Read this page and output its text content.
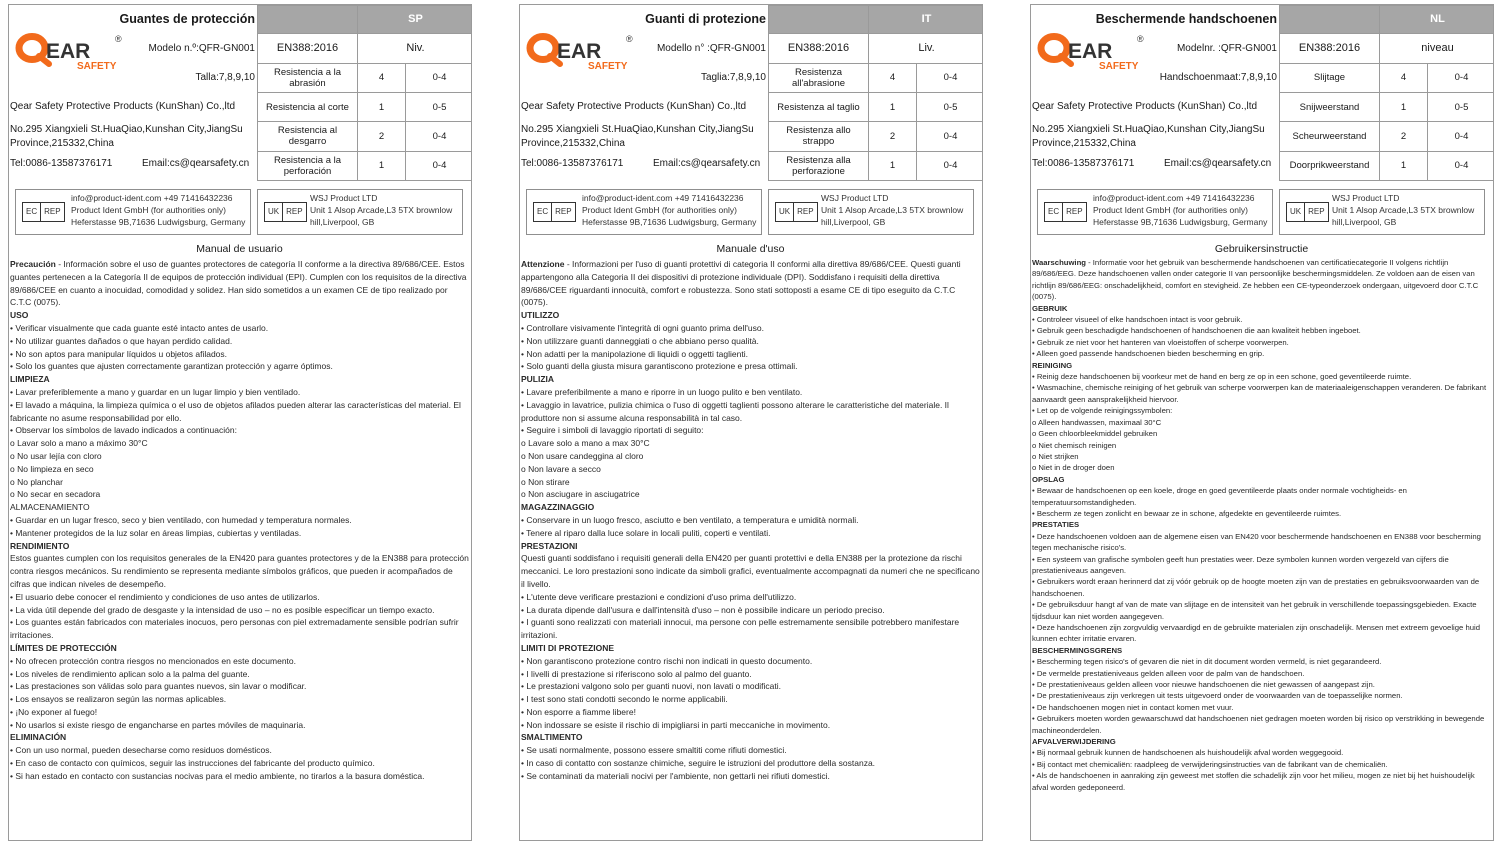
Guantes de protección
EAR
®
SAFETY
Modelo n.º:QFR-GN001
Talla:7,8,9,10
Qear Safety Protective Products (KunShan) Co.,ltd
No.295 Xiangxieli St.HuaQiao,Kunshan City,JiangSu Province,215332,China
Tel:0086-13587376171	Email:cs@qearsafety.cn
	SP	
EN388:2016	Niv.	
Resistencia a la abrasión	4	0-4
Resistencia al corte	1	0-5
Resistencia al desgarro	2	0-4
Resistencia a la perforación	1	0-4
EC REP
info@product-ident.com +49 71416432236
Product Ident GmbH (for authorities only)
Heferstasse 9B,71636 Ludwigsburg, Germany
UK REP
WSJ Product LTD
Unit 1 Alsop Arcade,L3 5TX brownlow
hill,Liverpool, GB
Manual de usuario

Precaución - Información sobre el uso de guantes protectores de categoría II conforme a la directiva 89/686/CEE. Estos guantes pertenecen a la Categoría II de equipos de protección individual (EPI). Cumplen con los requisitos de la directiva 89/686/CEE en cuanto a inocuidad, comodidad y solidez. Han sido sometidos a un examen CE de tipo realizado por C.T.C (0075).

USO

• Verificar visualmente que cada guante esté intacto antes de usarlo.

• No utilizar guantes dañados o que hayan perdido calidad.

• No son aptos para manipular líquidos u objetos afilados.

• Solo los guantes que ajusten correctamente garantizan protección y agarre óptimos.

LIMPIEZA

• Lavar preferiblemente a mano y guardar en un lugar limpio y bien ventilado.

• El lavado a máquina, la limpieza química o el uso de objetos afilados pueden alterar las características del material. El fabricante no asume responsabilidad por ello.

• Observar los símbolos de lavado indicados a continuación:

o Lavar solo a mano a máximo 30°C

o No usar lejía con cloro

o No limpieza en seco

o No planchar

o No secar en secadora

ALMACENAMIENTO

• Guardar en un lugar fresco, seco y bien ventilado, con humedad y temperatura normales.

• Mantener protegidos de la luz solar en áreas limpias, cubiertas y ventiladas.

RENDIMIENTO

Estos guantes cumplen con los requisitos generales de la EN420 para guantes protectores y de la EN388 para protección contra riesgos mecánicos. Su rendimiento se representa mediante símbolos gráficos, que pueden ir acompañados de cifras que indican niveles de desempeño.

• El usuario debe conocer el rendimiento y condiciones de uso antes de utilizarlos.

• La vida útil depende del grado de desgaste y la intensidad de uso – no es posible especificar un tiempo exacto.

• Los guantes están fabricados con materiales inocuos, pero personas con piel extremadamente sensible podrían sufrir irritaciones.

LÍMITES DE PROTECCIÓN

• No ofrecen protección contra riesgos no mencionados en este documento.

• Los niveles de rendimiento aplican solo a la palma del guante.

• Las prestaciones son válidas solo para guantes nuevos, sin lavar o modificar.

• Los ensayos se realizaron según las normas aplicables.

• ¡No exponer al fuego!

• No usarlos si existe riesgo de engancharse en partes móviles de maquinaria.

ELIMINACIÓN

• Con un uso normal, pueden desecharse como residuos domésticos.

• En caso de contacto con químicos, seguir las instrucciones del fabricante del producto químico.

• Si han estado en contacto con sustancias nocivas para el medio ambiente, no tirarlos a la basura doméstica.

Guanti di protezione
EAR
®
SAFETY
Modello n° :QFR-GN001
Taglia:7,8,9,10
Qear Safety Protective Products (KunShan) Co.,ltd
No.295 Xiangxieli St.HuaQiao,Kunshan City,JiangSu Province,215332,China
Tel:0086-13587376171	Email:cs@qearsafety.cn
	IT	
EN388:2016	Liv.	
Resistenza all'abrasione	4	0-4
Resistenza al taglio	1	0-5
Resistenza allo strappo	2	0-4
Resistenza alla perforazione	1	0-4
EC REP
info@product-ident.com +49 71416432236
Product Ident GmbH (for authorities only)
Heferstasse 9B,71636 Ludwigsburg, Germany
UK REP
WSJ Product LTD
Unit 1 Alsop Arcade,L3 5TX brownlow
hill,Liverpool, GB
Manuale d'uso

Attenzione - Informazioni per l'uso di guanti protettivi di categoria II conformi alla direttiva 89/686/CEE. Questi guanti appartengono alla Categoria II dei dispositivi di protezione individuale (DPI). Soddisfano i requisiti della direttiva 89/686/CEE riguardanti innocuità, comfort e robustezza. Sono stati sottoposti a esame CE di tipo eseguito da C.T.C (0075).

UTILIZZO

• Controllare visivamente l'integrità di ogni guanto prima dell'uso.

• Non utilizzare guanti danneggiati o che abbiano perso qualità.

• Non adatti per la manipolazione di liquidi o oggetti taglienti.

• Solo guanti della giusta misura garantiscono protezione e presa ottimali.

PULIZIA

• Lavare preferibilmente a mano e riporre in un luogo pulito e ben ventilato.

• Lavaggio in lavatrice, pulizia chimica o l'uso di oggetti taglienti possono alterare le caratteristiche del materiale. Il produttore non si assume alcuna responsabilità in tal caso.

• Seguire i simboli di lavaggio riportati di seguito:

o Lavare solo a mano a max 30°C

o Non usare candeggina al cloro

o Non lavare a secco

o Non stirare

o Non asciugare in asciugatrice

MAGAZZINAGGIO

• Conservare in un luogo fresco, asciutto e ben ventilato, a temperatura e umidità normali.

• Tenere al riparo dalla luce solare in locali puliti, coperti e ventilati.

PRESTAZIONI

Questi guanti soddisfano i requisiti generali della EN420 per guanti protettivi e della EN388 per la protezione da rischi meccanici. Le loro prestazioni sono indicate da simboli grafici, eventualmente accompagnati da numeri che ne specificano il livello.

• L'utente deve verificare prestazioni e condizioni d'uso prima dell'utilizzo.

• La durata dipende dall'usura e dall'intensità d'uso – non è possibile indicare un periodo preciso.

• I guanti sono realizzati con materiali innocui, ma persone con pelle estremamente sensibile potrebbero manifestare irritazioni.

LIMITI DI PROTEZIONE

• Non garantiscono protezione contro rischi non indicati in questo documento.

• I livelli di prestazione si riferiscono solo al palmo del guanto.

• Le prestazioni valgono solo per guanti nuovi, non lavati o modificati.

• I test sono stati condotti secondo le norme applicabili.

• Non esporre a fiamme libere!

• Non indossare se esiste il rischio di impigliarsi in parti meccaniche in movimento.

SMALTIMENTO

• Se usati normalmente, possono essere smaltiti come rifiuti domestici.

• In caso di contatto con sostanze chimiche, seguire le istruzioni del produttore della sostanza.

• Se contaminati da materiali nocivi per l'ambiente, non gettarli nei rifiuti domestici.

Beschermende handschoenen
EAR
®
SAFETY
Modelnr. :QFR-GN001
Handschoenmaat:7,8,9,10
Qear Safety Protective Products (KunShan) Co.,ltd
No.295 Xiangxieli St.HuaQiao,Kunshan City,JiangSu Province,215332,China
Tel:0086-13587376171	Email:cs@qearsafety.cn
	NL	
EN388:2016	niveau	
Slijtage	4	0-4
Snijweerstand	1	0-5
Scheurweerstand	2	0-4
Doorprikweerstand	1	0-4
EC REP
info@product-ident.com +49 71416432236
Product Ident GmbH (for authorities only)
Heferstasse 9B,71636 Ludwigsburg, Germany
UK REP
WSJ Product LTD
Unit 1 Alsop Arcade,L3 5TX brownlow
hill,Liverpool, GB
Gebruikersinstructie

Waarschuwing - Informatie voor het gebruik van beschermende handschoenen van certificatiecategorie II volgens richtlijn 89/686/EEG. Deze handschoenen vallen onder categorie II van persoonlijke beschermingsmiddelen. Ze voldoen aan de eisen van richtlijn 89/686/EEG: onschadelijkheid, comfort en stevigheid. Ze hebben een CE-typeonderzoek ondergaan, uitgevoerd door C.T.C (0075).

GEBRUIK

• Controleer visueel of elke handschoen intact is voor gebruik.

• Gebruik geen beschadigde handschoenen of handschoenen die aan kwaliteit hebben ingeboet.

• Gebruik ze niet voor het hanteren van vloeistoffen of scherpe voorwerpen.

• Alleen goed passende handschoenen bieden bescherming en grip.

REINIGING

• Reinig deze handschoenen bij voorkeur met de hand en berg ze op in een schone, goed geventileerde ruimte.

• Wasmachine, chemische reiniging of het gebruik van scherpe voorwerpen kan de materiaaleigenschappen veranderen. De fabrikant aanvaardt geen aansprakelijkheid hiervoor.

• Let op de volgende reinigingssymbolen:

o Alleen handwassen, maximaal 30°C

o Geen chloorbleekmiddel gebruiken

o Niet chemisch reinigen

o Niet strijken

o Niet in de droger doen

OPSLAG

• Bewaar de handschoenen op een koele, droge en goed geventileerde plaats onder normale vochtigheids- en temperatuursomstandigheden.

• Bescherm ze tegen zonlicht en bewaar ze in schone, afgedekte en geventileerde ruimtes.

PRESTATIES

• Deze handschoenen voldoen aan de algemene eisen van EN420 voor beschermende handschoenen en EN388 voor bescherming tegen mechanische risico's.

• Een systeem van grafische symbolen geeft hun prestaties weer. Deze symbolen kunnen worden vergezeld van cijfers die prestatieniveaus aangeven.

• Gebruikers wordt eraan herinnerd dat zij vóór gebruik op de hoogte moeten zijn van de prestaties en gebruiksvoorwaarden van de handschoenen.

• De gebruiksduur hangt af van de mate van slijtage en de intensiteit van het gebruik in verschillende toepassingsgebieden. Exacte tijdsduur kan niet worden aangegeven.

• Deze handschoenen zijn zorgvuldig vervaardigd en de gebruikte materialen zijn onschadelijk. Mensen met extreem gevoelige huid kunnen echter irritatie ervaren.

BESCHERMINGSGRENS

• Bescherming tegen risico's of gevaren die niet in dit document worden vermeld, is niet gegarandeerd.

• De vermelde prestatieniveaus gelden alleen voor de palm van de handschoen.

• De prestatieniveaus gelden alleen voor nieuwe handschoenen die niet gewassen of aangepast zijn.

• De prestatieniveaus zijn verkregen uit tests uitgevoerd onder de voorwaarden van de toepasselijke normen.

• De handschoenen mogen niet in contact komen met vuur.

• Gebruikers moeten worden gewaarschuwd dat handschoenen niet gedragen moeten worden bij risico op verstrikking in bewegende machineonderdelen.

AFVALVERWIJDERING

• Bij normaal gebruik kunnen de handschoenen als huishoudelijk afval worden weggegooid.

• Bij contact met chemicaliën: raadpleeg de verwijderingsinstructies van de fabrikant van de chemicaliën.

• Als de handschoenen in aanraking zijn geweest met stoffen die schadelijk zijn voor het milieu, mogen ze niet bij het huishoudelijk afval worden gedeponeerd.
